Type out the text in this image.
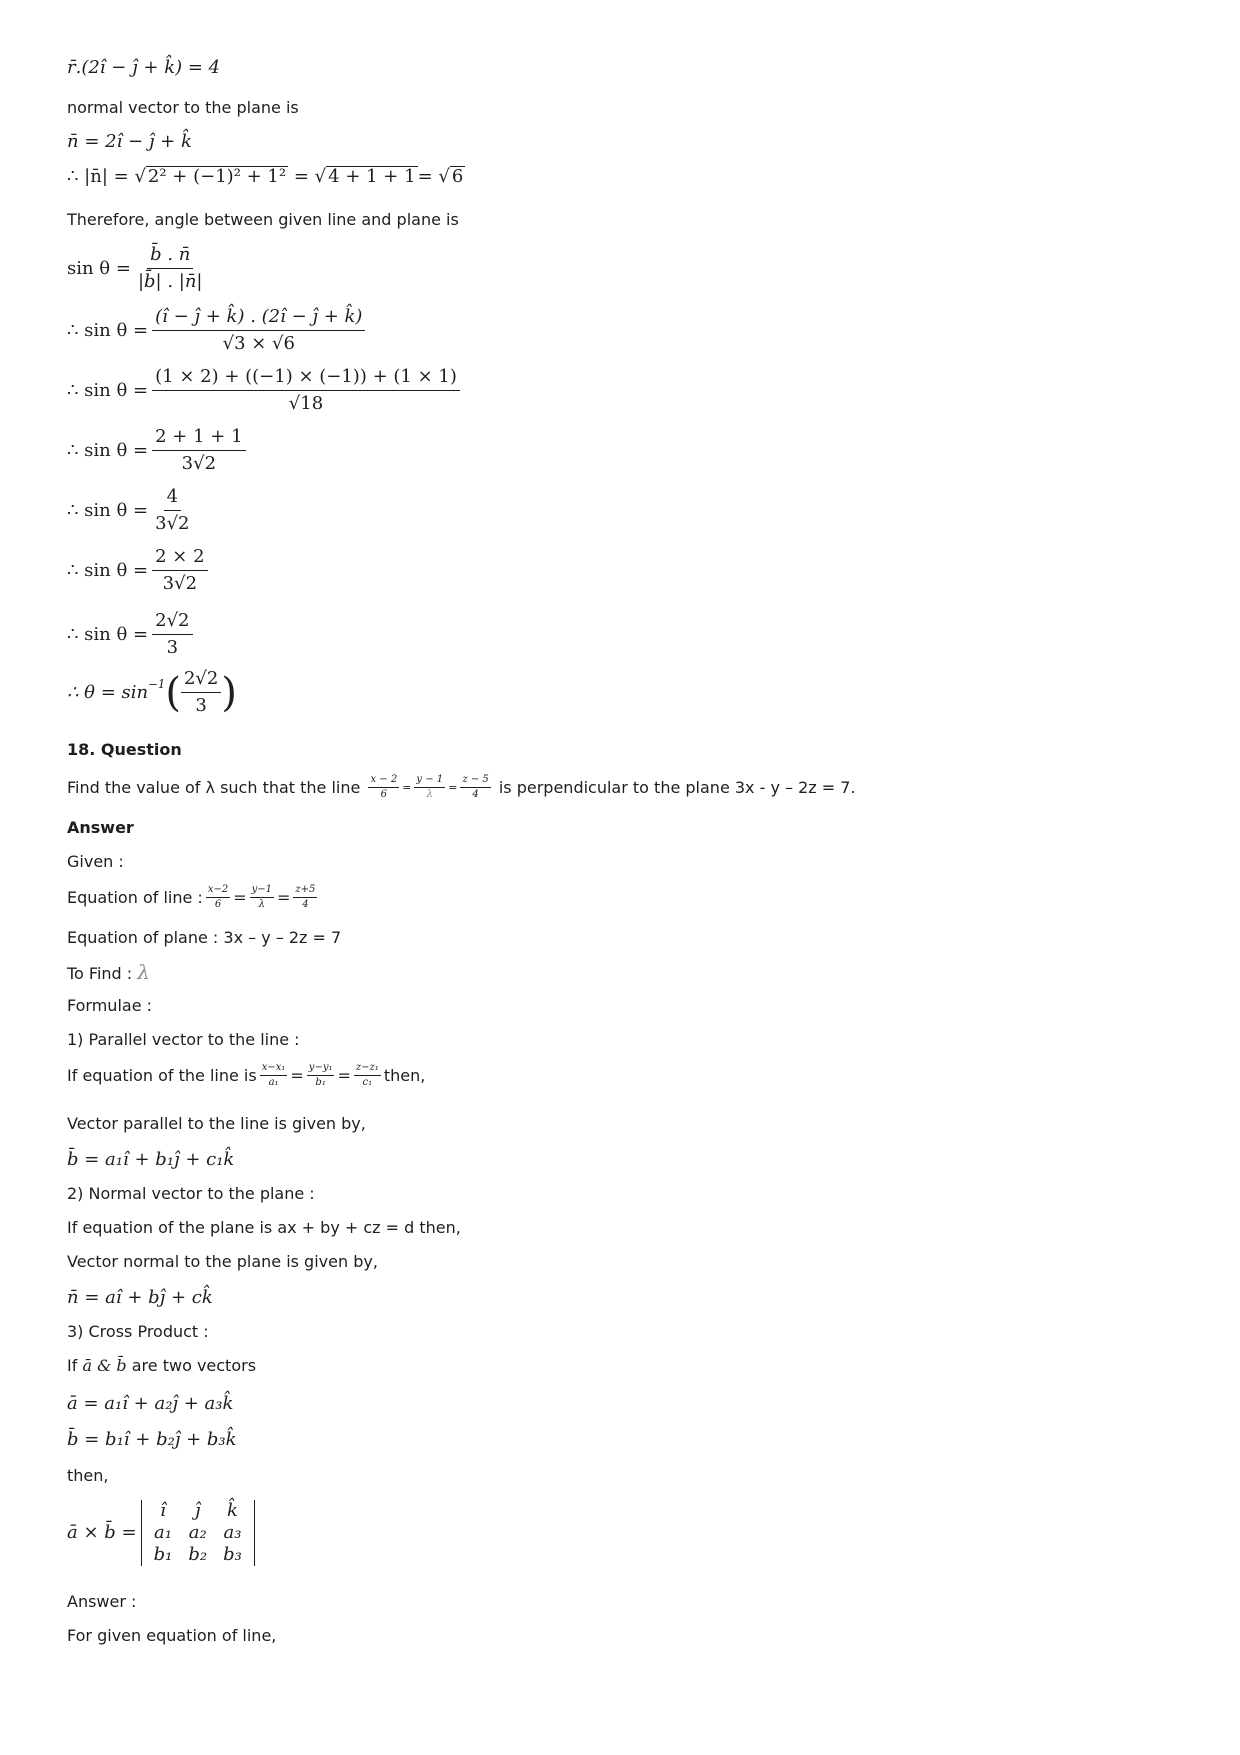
r̄.(2î − ĵ + k̂) = 4
normal vector to the plane is
n̄ = 2î − ĵ + k̂
∴ |n̄| =
√ 2² + (−1)² + 1²
=
√ 4 + 1 + 1 =
√ 6
Therefore, angle between given line and plane is
$\sin \theta = \frac{b̄ . n̄}{|b̄| . |n̄|}$
∴ $\sin \theta = \frac{(î - ĵ + k̂) . (2î - ĵ + k̂)}{√3 \times √6}$
∴ $\sin \theta = \frac{(1 \times 2) + ((-1) \times (-1)) + (1 \times 1)}{√18}$
∴ $\sin \theta = \frac{2 + 1 + 1}{3√2}$
∴ $\sin \theta = \frac{4}{3√2}$
∴ $\sin \theta = \frac{2 \times 2}{3√2}$
∴ $\sin \theta = \frac{2√2}{3}$
∴ $\theta = \sin^{-1}$ ( $\frac{2√2}{3}$ )
18. Question
Find the value of λ such that the line
$\frac{x - 2}{6} = \frac{y - 1}{\lambda} = \frac{z - 5}{4}$
is perpendicular to the plane 3x - y – 2z = 7.
Answer
Given :
Equation of line : $\frac{x-2}{6} = \frac{y-1}{\lambda} = \frac{z+5}{4}$
Equation of plane : 3x – y – 2z = 7
To Find : λ
Formulae :
1) Parallel vector to the line :
If equation of the line is $\frac{\text{x−x₁}}{\text{a₁}} = \frac{\text{y−y₁}}{\text{b₁}} = \frac{\text{z−z₁}}{\text{c₁}}$ then,
Vector parallel to the line is given by,
b̄ = a₁î + b₁ĵ + c₁k̂
2) Normal vector to the plane :
If equation of the plane is ax + by + cz = d then,
Vector normal to the plane is given by,
n̄ = aî + bĵ + ck̂
3) Cross Product :
If
ā & b̄
are two vectors
ā = a₁î + a₂ĵ + a₃k̂
b̄ = b₁î + b₂ĵ + b₃k̂
then,
ā × b̄ =
î
a₁
b₁
ĵ
a₂
b₂
k̂
a₃
b₃
Answer :
For given equation of line,
